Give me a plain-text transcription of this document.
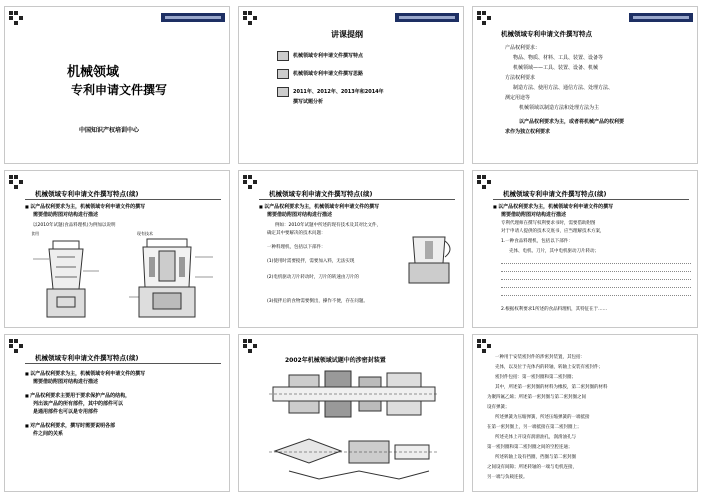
机械领域
专利申请文件撰写
中国知识产权培训中心
讲课提纲
机械领域专利申请文件撰写特点
机械领域专利申请文件撰写思路
2011年、2012年、2013年和2014年
撰写试题分析
机械领域专利申请文件撰写特点
产品权利要求：
物品、物质、材料、工具、装置、设备等
机械领域——工具、装置、设备、机械
方法权利要求
制造方法、使用方法、通信方法、处理方法、
测定用途等
机械领域以制造方法和处理方法为主
以产品权利要求为主，或者将机械产品的权利要
求作为独立权利要求
机械领域专利申请文件撰写特点(续)
■ 以产品权利要求为主，机械领域专利申请文件的撰写
需要借助附图对结构进行描述
以2010年试题(食品料理机)为例加以说明
食用	现有技术
机械领域专利申请文件撰写特点(续)
■ 以产品权利要求为主，机械领域专利申请文件的撰写
需要借助附图对结构进行描述
例如：2010年试题中所述的现有技术及其对比文件，
确定其中要解决的技术问题：
一种料理机，包括以下部件：
(1)使用时需要搅拌，需要加入料，无法实现
(2)电机驱动刀片转动时，刀片的转速由刀片的
(3)搅拌后的食物需要倒出，操作不便，存在问题。
机械领域专利申请文件撰写特点(续)
■ 以产品权利要求为主，机械领域专利申请文件的撰写
需要借助附图对结构进行描述
专利代理师在撰写权利要求书时，需要借助附图
对于申请人提供的技术交底书，应当理解技术方案，
1.一种食品料理机，包括以下部件：
壳体、电机、刀片，其中电机驱动刀片转动；
2.根据权利要求1所述的食品料理机，其特征在于……
机械领域专利申请文件撰写特点(续)
■ 以产品权利要求为主，机械领域专利申请文件的撰写
需要借助附图对结构进行描述
■ 产品权利要求主要用于要求保护产品的结构，
列出该产品的所有部件，其中的部件可以
是通用部件也可以是专用部件
■ 对产品权利要求，撰写时需要说明各部
件之间的关系
2002年机械领域试题中的涉密封装置	一种用于安装密封件的涉密封装置，其包括：
壳体，以及位于壳体内的转轴，转轴上安装有密封件；
密封件包括：第一密封圈和第二密封圈；
其中，所述第一密封圈的材料为橡胶，第二密封圈的材料
为聚四氟乙烯；所述第一密封圈与第二密封圈之间
设有弹簧；
所述弹簧为压缩弹簧，所述压缩弹簧的一端抵接
在第一密封圈上，另一端抵接在第二密封圈上；
所述壳体上开设有润滑油孔，润滑油孔与
第一密封圈和第二密封圈之间的空腔连通；
所述转轴上设有挡圈，挡圈与第二密封圈
之间设有间隙；所述转轴的一端与电机连接，
另一端与负载连接。
